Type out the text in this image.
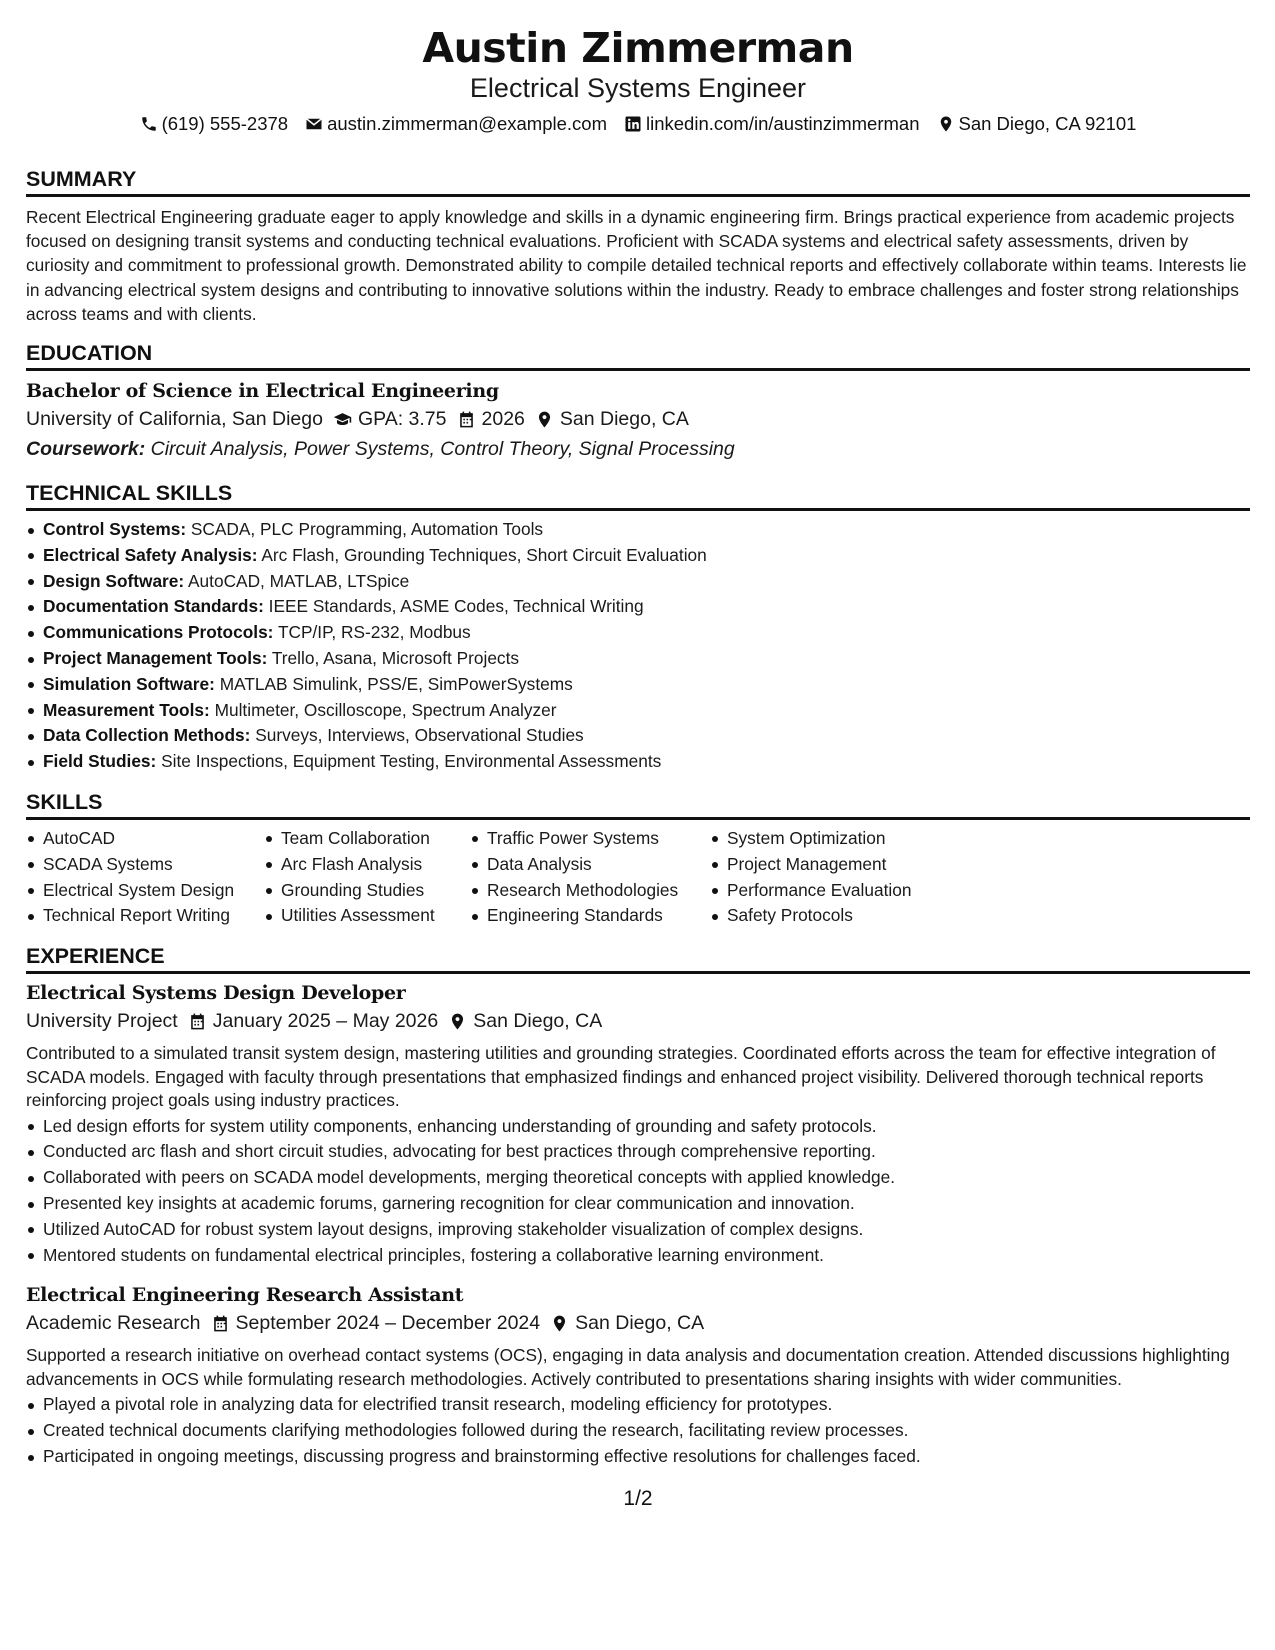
Austin Zimmerman
Electrical Systems Engineer
(619) 555-2378 austin.zimmerman@example.com linkedin.com/in/austinzimmerman San Diego, CA 92101
SUMMARY

Recent Electrical Engineering graduate eager to apply knowledge and skills in a dynamic engineering firm. Brings practical experience from academic projects focused on designing transit systems and conducting technical evaluations. Proficient with SCADA systems and electrical safety assessments, driven by curiosity and commitment to professional growth. Demonstrated ability to compile detailed technical reports and effectively collaborate within teams. Interests lie in advancing electrical system designs and contributing to innovative solutions within the industry. Ready to embrace challenges and foster strong relationships across teams and with clients.

EDUCATION
Bachelor of Science in Electrical Engineering
University of California, San Diego GPA: 3.75 2026 San Diego, CA
Coursework: Circuit Analysis, Power Systems, Control Theory, Signal Processing
TECHNICAL SKILLS
Control Systems: SCADA, PLC Programming, Automation Tools
Electrical Safety Analysis: Arc Flash, Grounding Techniques, Short Circuit Evaluation
Design Software: AutoCAD, MATLAB, LTSpice
Documentation Standards: IEEE Standards, ASME Codes, Technical Writing
Communications Protocols: TCP/IP, RS-232, Modbus
Project Management Tools: Trello, Asana, Microsoft Projects
Simulation Software: MATLAB Simulink, PSS/E, SimPowerSystems
Measurement Tools: Multimeter, Oscilloscope, Spectrum Analyzer
Data Collection Methods: Surveys, Interviews, Observational Studies
Field Studies: Site Inspections, Equipment Testing, Environmental Assessments
SKILLS
AutoCAD
SCADA Systems
Electrical System Design
Technical Report Writing
Team Collaboration
Arc Flash Analysis
Grounding Studies
Utilities Assessment
Traffic Power Systems
Data Analysis
Research Methodologies
Engineering Standards
System Optimization
Project Management
Performance Evaluation
Safety Protocols
EXPERIENCE
Electrical Systems Design Developer
University Project January 2025 – May 2026 San Diego, CA

Contributed to a simulated transit system design, mastering utilities and grounding strategies. Coordinated efforts across the team for effective integration of SCADA models. Engaged with faculty through presentations that emphasized findings and enhanced project visibility. Delivered thorough technical reports reinforcing project goals using industry practices.

Led design efforts for system utility components, enhancing understanding of grounding and safety protocols.
Conducted arc flash and short circuit studies, advocating for best practices through comprehensive reporting.
Collaborated with peers on SCADA model developments, merging theoretical concepts with applied knowledge.
Presented key insights at academic forums, garnering recognition for clear communication and innovation.
Utilized AutoCAD for robust system layout designs, improving stakeholder visualization of complex designs.
Mentored students on fundamental electrical principles, fostering a collaborative learning environment.
Electrical Engineering Research Assistant
Academic Research September 2024 – December 2024 San Diego, CA

Supported a research initiative on overhead contact systems (OCS), engaging in data analysis and documentation creation. Attended discussions highlighting advancements in OCS while formulating research methodologies. Actively contributed to presentations sharing insights with wider communities.

Played a pivotal role in analyzing data for electrified transit research, modeling efficiency for prototypes.
Created technical documents clarifying methodologies followed during the research, facilitating review processes.
Participated in ongoing meetings, discussing progress and brainstorming effective resolutions for challenges faced.
1/2
